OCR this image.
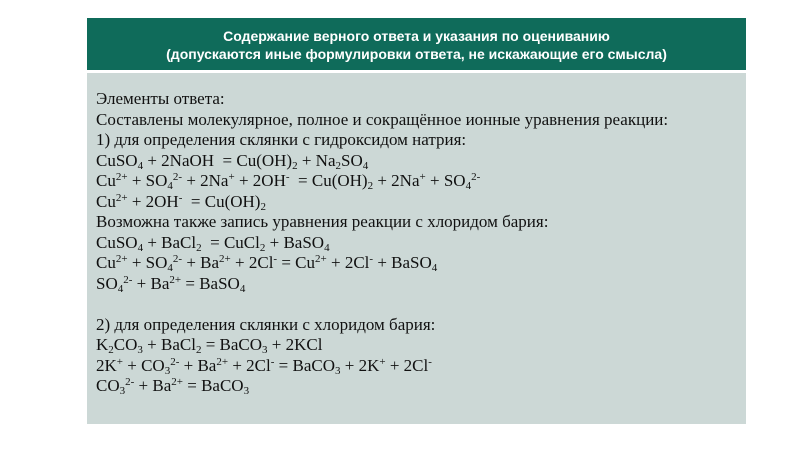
Содержание верного ответа и указания по оцениванию
(допускаются иные формулировки ответа, не искажающие его смысла)
Элементы ответа:
Составлены молекулярное, полное и сокращённое ионные уравнения реакции:
1) для определения склянки с гидроксидом натрия:
CuSO$_4$ + 2NaOH  = $Cu(OH)_2 + Na_2SO_4$
$Cu^{2+} + SO_4^{2-} + 2Na^+ + 2OH^- = Cu(OH)_2 + 2Na^+ + SO_4^{2-}$
$Cu^{2+} + 2OH^- = Cu(OH)_2$
Возможна также запись уравнения реакции с хлоридом бария:
CuSO$_4$ + BaCl$_2$  = CuCl$_2$ + BaSO$_4$
$Cu^{2+} + SO_4^{2-} + Ba^{2+} + 2Cl^- = Cu^{2+} + 2Cl^-$ + BaSO$_4$
$SO_4^{2-} + Ba^{2+}$ = BaSO$_4$
2) для определения склянки с хлоридом бария:
$K_2CO_3$ + BaCl$_2$ = BaCO$_3$ + 2KCl
$2K^+ + CO_3^{2-} + Ba^{2+} + 2Cl^-$ = BaCO$_3$ + 2K+ + 2Cl-
$CO_3^{2-} + Ba^{2+}$ = BaCO$_3$
